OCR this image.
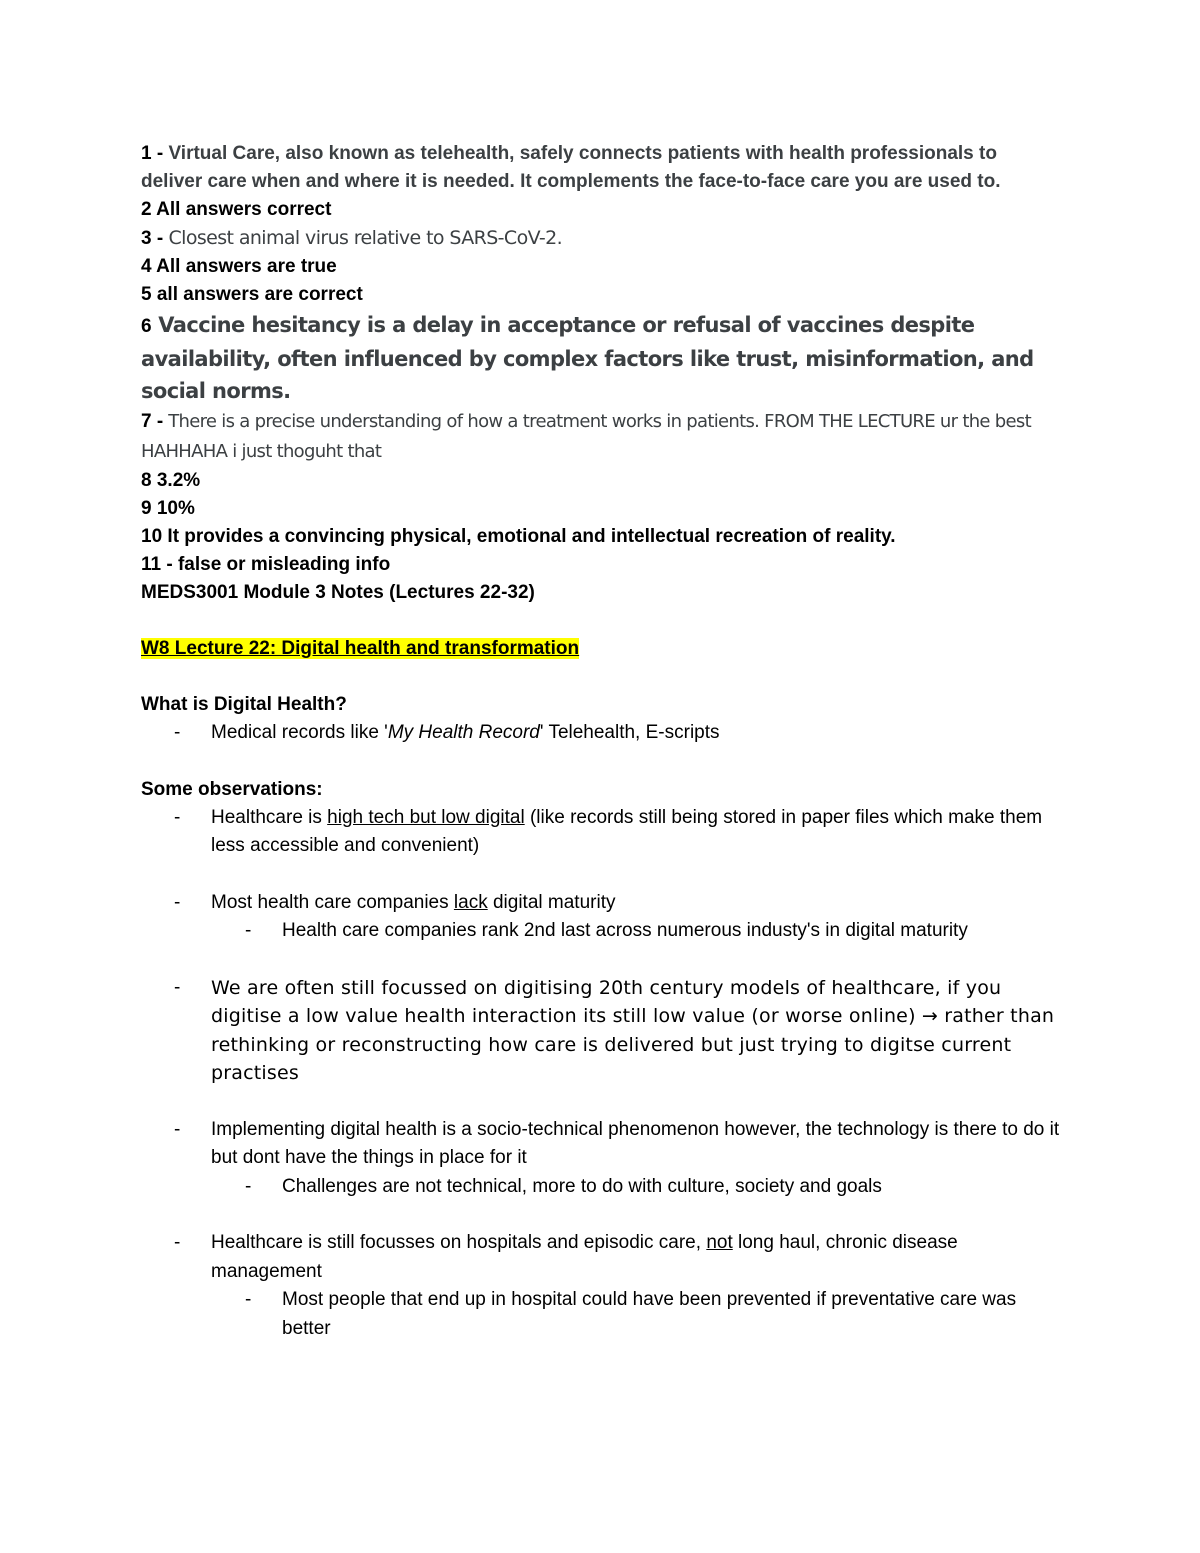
1 - Virtual Care, also known as telehealth, safely connects patients with health professionals to deliver care when and where it is needed. It complements the face-to-face care you are used to.

2 All answers correct

3 - Closest animal virus relative to SARS-CoV-2.

4 All answers are true

5 all answers are correct

6 Vaccine hesitancy is a delay in acceptance or refusal of vaccines despite availability, often influenced by complex factors like trust, misinformation, and social norms.

7 - There is a precise understanding of how a treatment works in patients. FROM THE LECTURE ur the best

HAHHAHA i just thoguht that

8 3.2%

9 10%

10 It provides a convincing physical, emotional and intellectual recreation of reality.

11 - false or misleading info

MEDS3001 Module 3 Notes (Lectures 22-32)

W8 Lecture 22: Digital health and transformation

What is Digital Health?

- Medical records like 'My Health Record' Telehealth, E-scripts

Some observations:

- Healthcare is high tech but low digital (like records still being stored in paper files which make them less accessible and convenient)

- Most health care companies lack digital maturity

- Health care companies rank 2nd last across numerous industy's in digital maturity

- We are often still focussed on digitising 20th century models of healthcare, if you digitise a low value health interaction its still low value (or worse online) → rather than rethinking or reconstructing how care is delivered but just trying to digitse current practises

- Implementing digital health is a socio-technical phenomenon however, the technology is there to do it but dont have the things in place for it

- Challenges are not technical, more to do with culture, society and goals

- Healthcare is still focusses on hospitals and episodic care, not long haul, chronic disease management

- Most people that end up in hospital could have been prevented if preventative care was better
